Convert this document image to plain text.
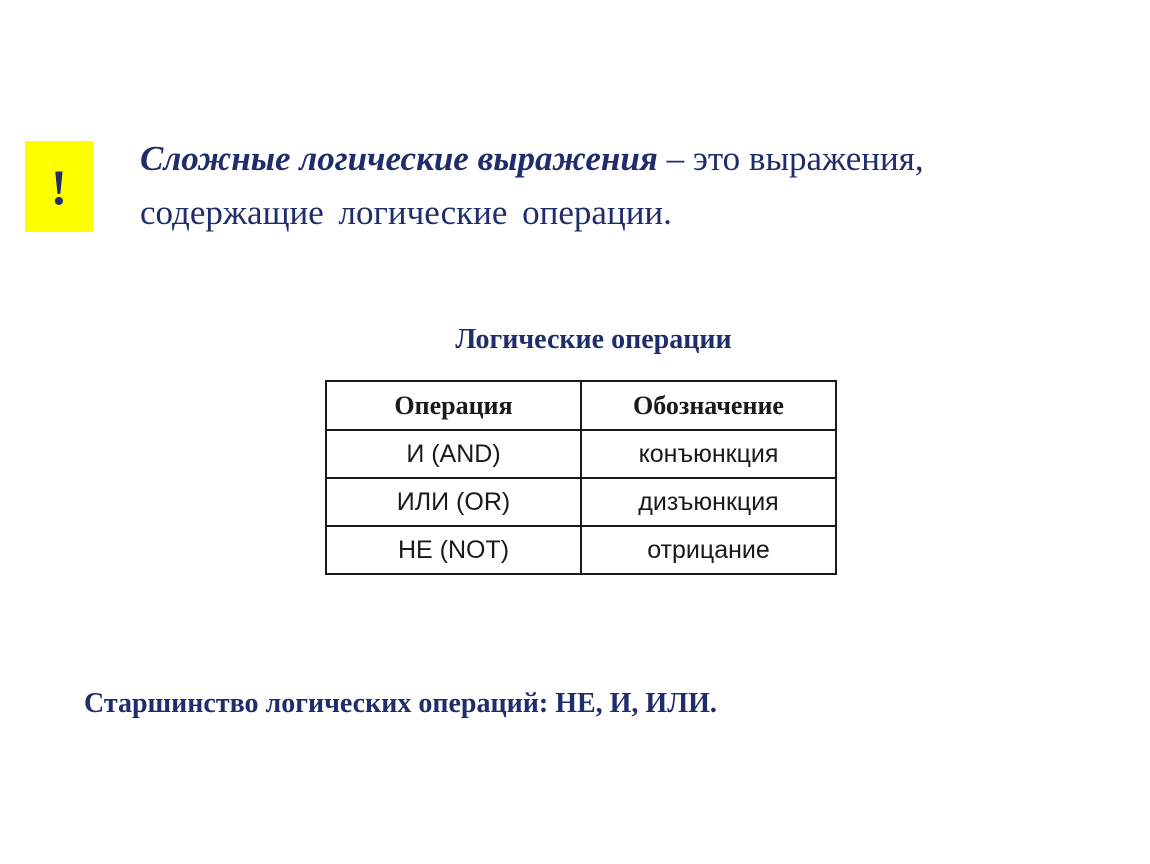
! Сложные логические выражения – это выражения,
содержащие логические операции.
Логические операции
Операция	Обозначение
И (AND)	конъюнкция
ИЛИ (OR)	дизъюнкция
НЕ (NOT)	отрицание
Старшинство логических операций: НЕ, И, ИЛИ.
